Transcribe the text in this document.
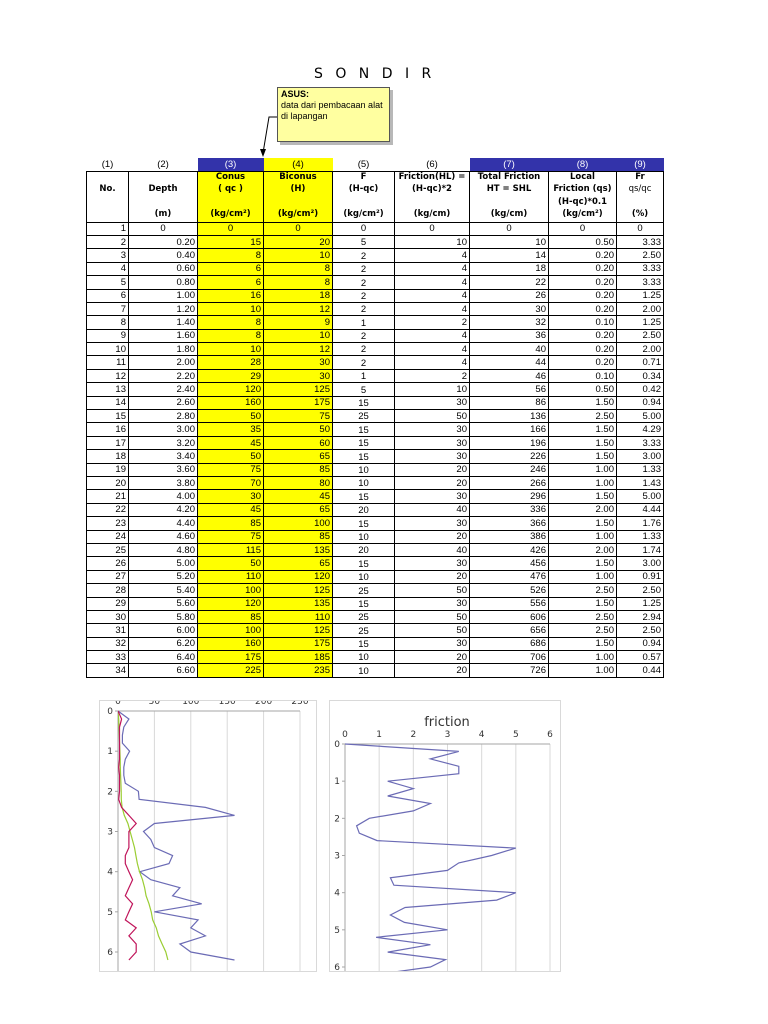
S O N D I R
ASUS:
data dari pembacaan alat di lapangan
(1)	(2)	(3)	(4)	(5)	(6)	(7)	(8)	(9)
		Conus	Biconus	F	Friction(HL) =	Total Friction	Local	Fr
No.	Depth	( qc )	(H)	(H-qc)	(H-qc)*2	HT = SHL	Friction (qs)	qs/qc
							(H-qc)*0.1	
	(m)	(kg/cm²)	(kg/cm²)	(kg/cm²)	(kg/cm)	(kg/cm)	(kg/cm²)	(%)
1	0	0	0	0	0	0	0	0
2	0.20	15	20	5	10	10	0.50	3.33
3	0.40	8	10	2	4	14	0.20	2.50
4	0.60	6	8	2	4	18	0.20	3.33
5	0.80	6	8	2	4	22	0.20	3.33
6	1.00	16	18	2	4	26	0.20	1.25
7	1.20	10	12	2	4	30	0.20	2.00
8	1.40	8	9	1	2	32	0.10	1.25
9	1.60	8	10	2	4	36	0.20	2.50
10	1.80	10	12	2	4	40	0.20	2.00
11	2.00	28	30	2	4	44	0.20	0.71
12	2.20	29	30	1	2	46	0.10	0.34
13	2.40	120	125	5	10	56	0.50	0.42
14	2.60	160	175	15	30	86	1.50	0.94
15	2.80	50	75	25	50	136	2.50	5.00
16	3.00	35	50	15	30	166	1.50	4.29
17	3.20	45	60	15	30	196	1.50	3.33
18	3.40	50	65	15	30	226	1.50	3.00
19	3.60	75	85	10	20	246	1.00	1.33
20	3.80	70	80	10	20	266	1.00	1.43
21	4.00	30	45	15	30	296	1.50	5.00
22	4.20	45	65	20	40	336	2.00	4.44
23	4.40	85	100	15	30	366	1.50	1.76
24	4.60	75	85	10	20	386	1.00	1.33
25	4.80	115	135	20	40	426	2.00	1.74
26	5.00	50	65	15	30	456	1.50	3.00
27	5.20	110	120	10	20	476	1.00	0.91
28	5.40	100	125	25	50	526	2.50	2.50
29	5.60	120	135	15	30	556	1.50	1.25
30	5.80	85	110	25	50	606	2.50	2.94
31	6.00	100	125	25	50	656	2.50	2.50
32	6.20	160	175	15	30	686	1.50	0.94
33	6.40	175	185	10	20	706	1.00	0.57
34	6.60	225	235	10	20	726	1.00	0.44
0	50 100 150 200 250
0
1
2
3
4
5
6
friction
0	1	2	3	4	5	6
0
1
2
3
4
5
6
